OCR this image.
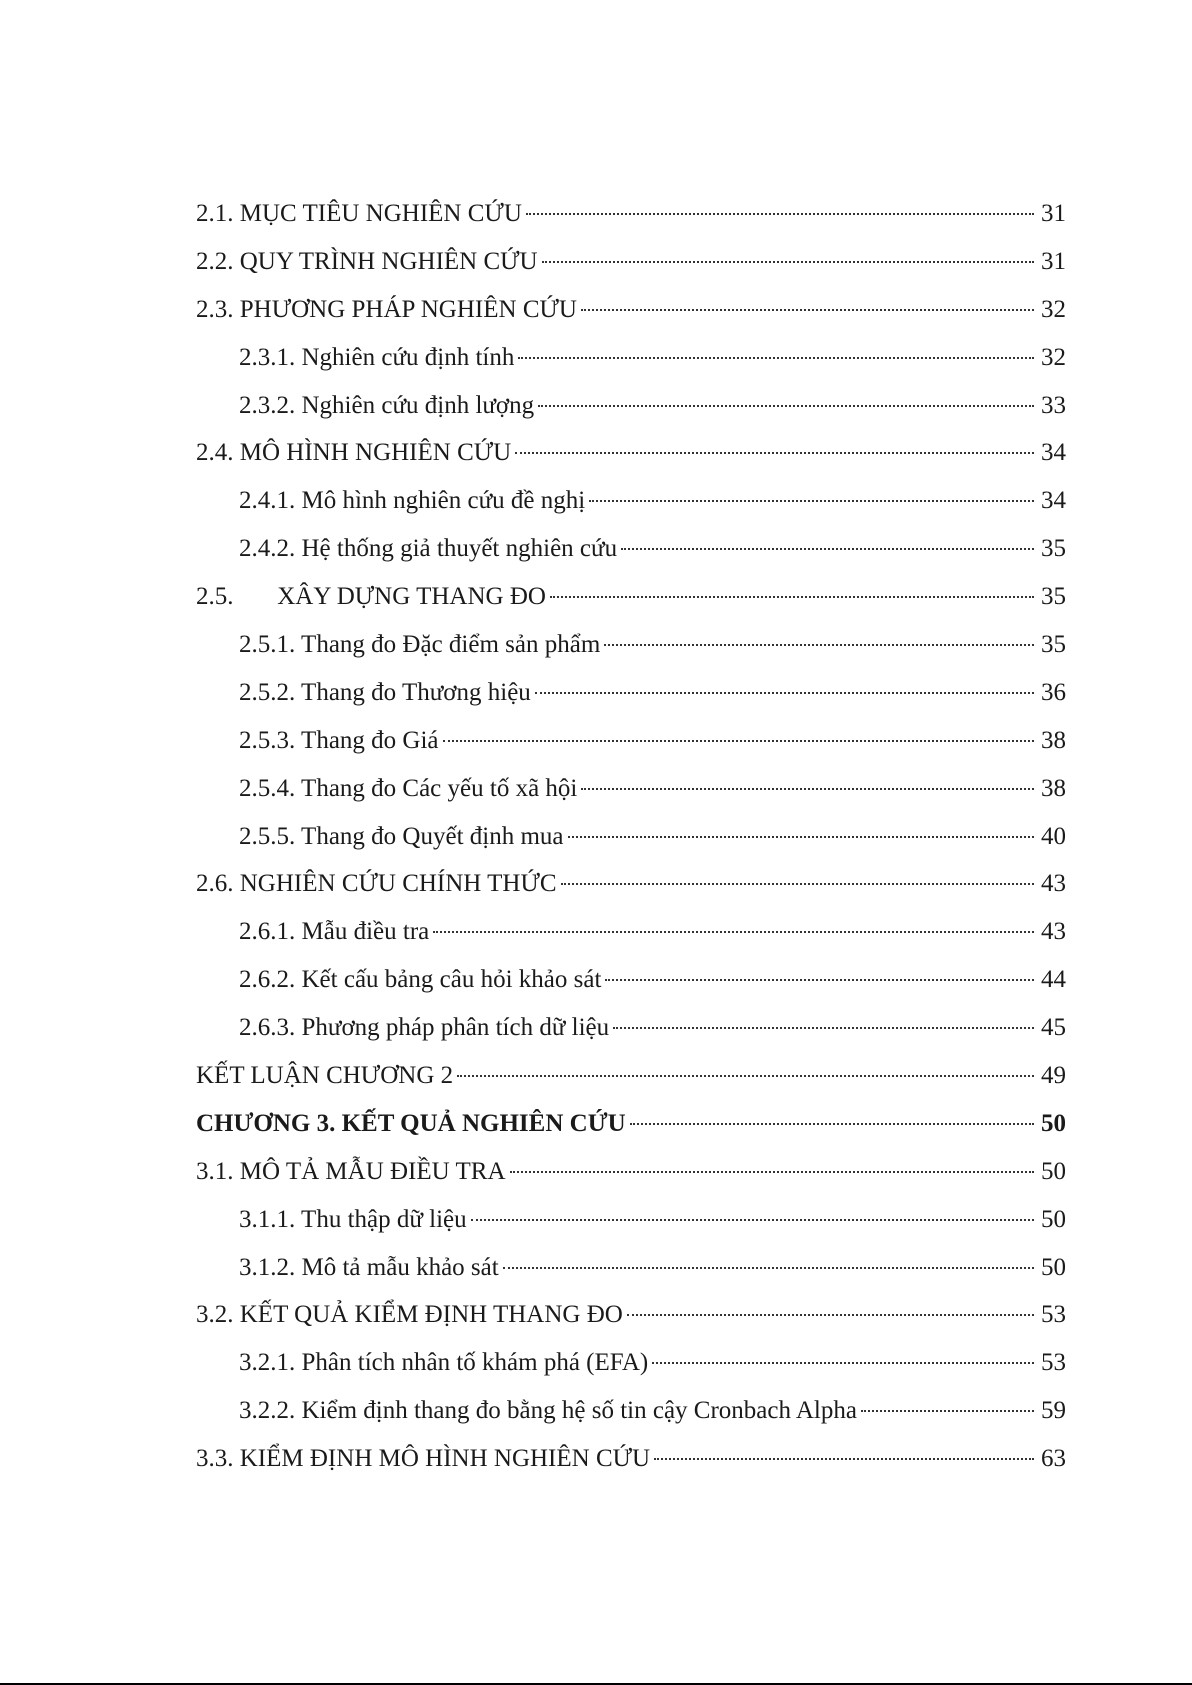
2.1. MỤC TIÊU NGHIÊN CỨU	31
2.2. QUY TRÌNH NGHIÊN CỨU	31
2.3. PHƯƠNG PHÁP NGHIÊN CỨU	32
2.3.1. Nghiên cứu định tính	32
2.3.2. Nghiên cứu định lượng	33
2.4. MÔ HÌNH NGHIÊN CỨU	34
2.4.1. Mô hình nghiên cứu đề nghị	34
2.4.2. Hệ thống giả thuyết nghiên cứu	35
2.5.       XÂY DỰNG THANG ĐO	35
2.5.1. Thang đo Đặc điểm sản phẩm	35
2.5.2. Thang đo Thương hiệu	36
2.5.3. Thang đo Giá	38
2.5.4. Thang đo Các yếu tố xã hội	38
2.5.5. Thang đo Quyết định mua	40
2.6. NGHIÊN CỨU CHÍNH THỨC	43
2.6.1. Mẫu điều tra	43
2.6.2. Kết cấu bảng câu hỏi khảo sát	44
2.6.3. Phương pháp phân tích dữ liệu	45
KẾT LUẬN CHƯƠNG 2	49
CHƯƠNG 3. KẾT QUẢ NGHIÊN CỨU	50
3.1. MÔ TẢ MẪU ĐIỀU TRA	50
3.1.1. Thu thập dữ liệu	50
3.1.2. Mô tả mẫu khảo sát	50
3.2. KẾT QUẢ KIỂM ĐỊNH THANG ĐO	53
3.2.1. Phân tích nhân tố khám phá (EFA)	53
3.2.2. Kiểm định thang đo bằng hệ số tin cậy Cronbach Alpha	59
3.3. KIỂM ĐỊNH MÔ HÌNH NGHIÊN CỨU	63
